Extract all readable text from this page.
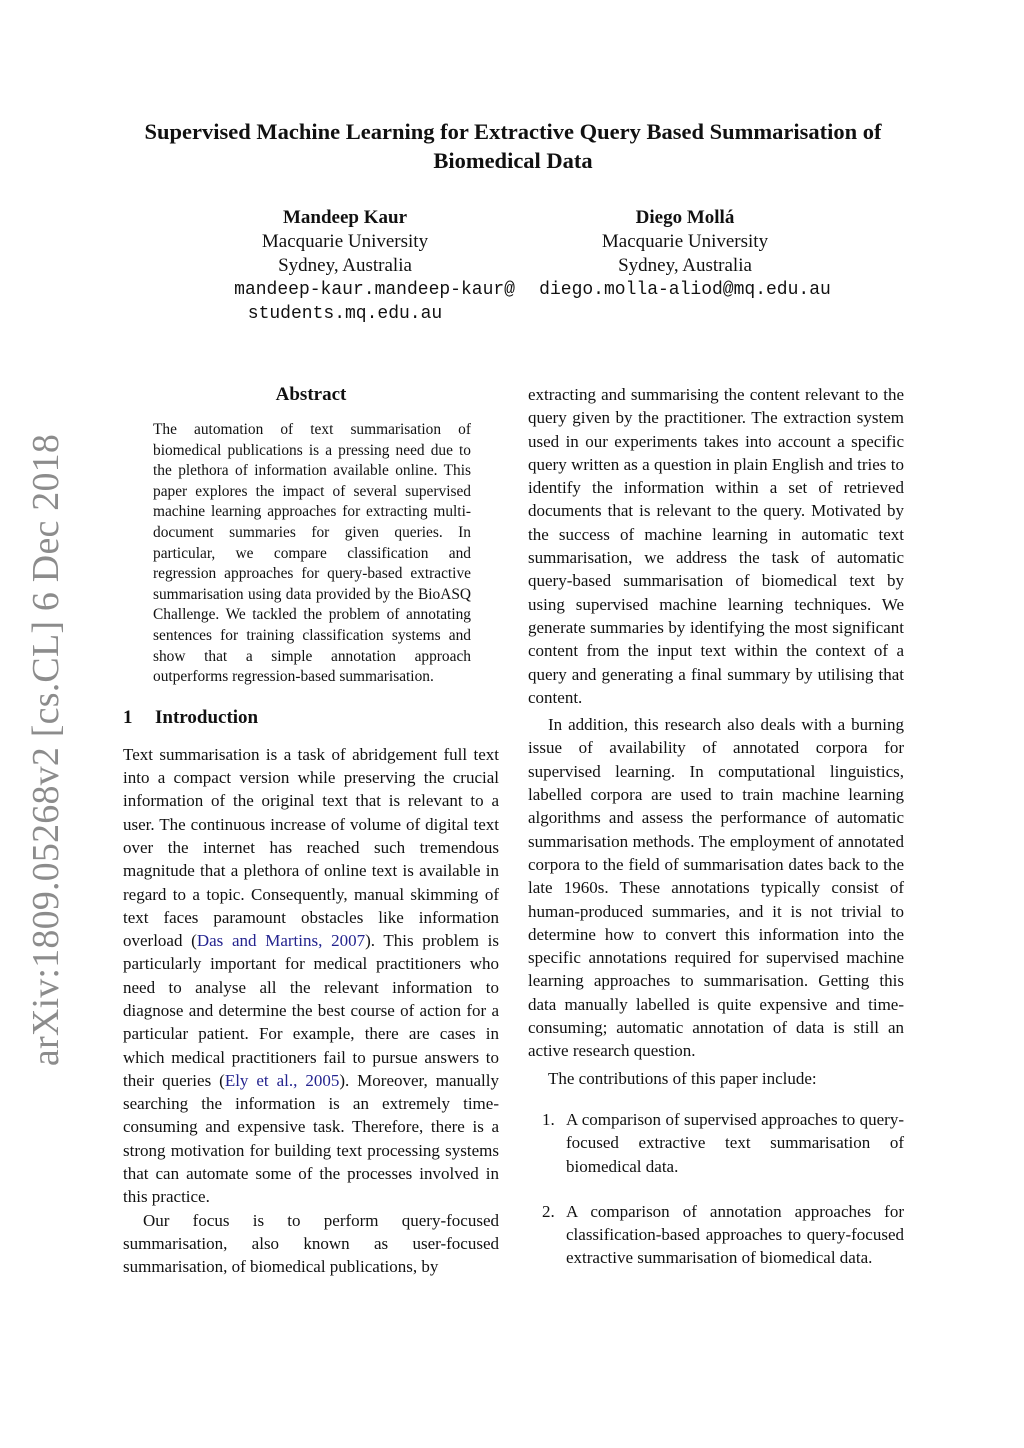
arXiv:1809.05268v2 [cs.CL] 6 Dec 2018
Supervised Machine Learning for Extractive Query Based Summarisation of Biomedical Data
Mandeep Kaur
Macquarie University
Sydney, Australia
mandeep-kaur.mandeep-kaur@
students.mq.edu.au
Diego Mollá
Macquarie University
Sydney, Australia
diego.molla-aliod@mq.edu.au
Abstract
The automation of text summarisation of biomedical publications is a pressing need due to the plethora of information available online. This paper explores the impact of several supervised machine learning approaches for extracting multi-document summaries for given queries. In particular, we compare classification and regression approaches for query-based extractive summarisation using data provided by the BioASQ Challenge. We tackled the problem of annotating sentences for training classification systems and show that a simple annotation approach outperforms regression-based summarisation.
1 Introduction

Text summarisation is a task of abridgement full text into a compact version while preserving the crucial information of the original text that is relevant to a user. The continuous increase of volume of digital text over the internet has reached such tremendous magnitude that a plethora of online text is available in regard to a topic. Consequently, manual skimming of text faces paramount obstacles like information overload (Das and Martins, 2007). This problem is particularly important for medical practitioners who need to analyse all the relevant information to diagnose and determine the best course of action for a particular patient. For example, there are cases in which medical practitioners fail to pursue answers to their queries (Ely et al., 2005). Moreover, manually searching the information is an extremely time-consuming and expensive task. Therefore, there is a strong motivation for building text processing systems that can automate some of the processes involved in this practice.

Our focus is to perform query-focused summarisation, also known as user-focused summarisation, of biomedical publications, by

extracting and summarising the content relevant to the query given by the practitioner. The extraction system used in our experiments takes into account a specific query written as a question in plain English and tries to identify the information within a set of retrieved documents that is relevant to the query. Motivated by the success of machine learning in automatic text summarisation, we address the task of automatic query-based summarisation of biomedical text by using supervised machine learning techniques. We generate summaries by identifying the most significant content from the input text within the context of a query and generating a final summary by utilising that content.

In addition, this research also deals with a burning issue of availability of annotated corpora for supervised learning. In computational linguistics, labelled corpora are used to train machine learning algorithms and assess the performance of automatic summarisation methods. The employment of annotated corpora to the field of summarisation dates back to the late 1960s. These annotations typically consist of human-produced summaries, and it is not trivial to determine how to convert this information into the specific annotations required for supervised machine learning approaches to summarisation. Getting this data manually labelled is quite expensive and time-consuming; automatic annotation of data is still an active research question.

The contributions of this paper include:

1. A comparison of supervised approaches to query-focused extractive text summarisation of biomedical data.
2. A comparison of annotation approaches for classification-based approaches to query-focused extractive summarisation of biomedical data.
